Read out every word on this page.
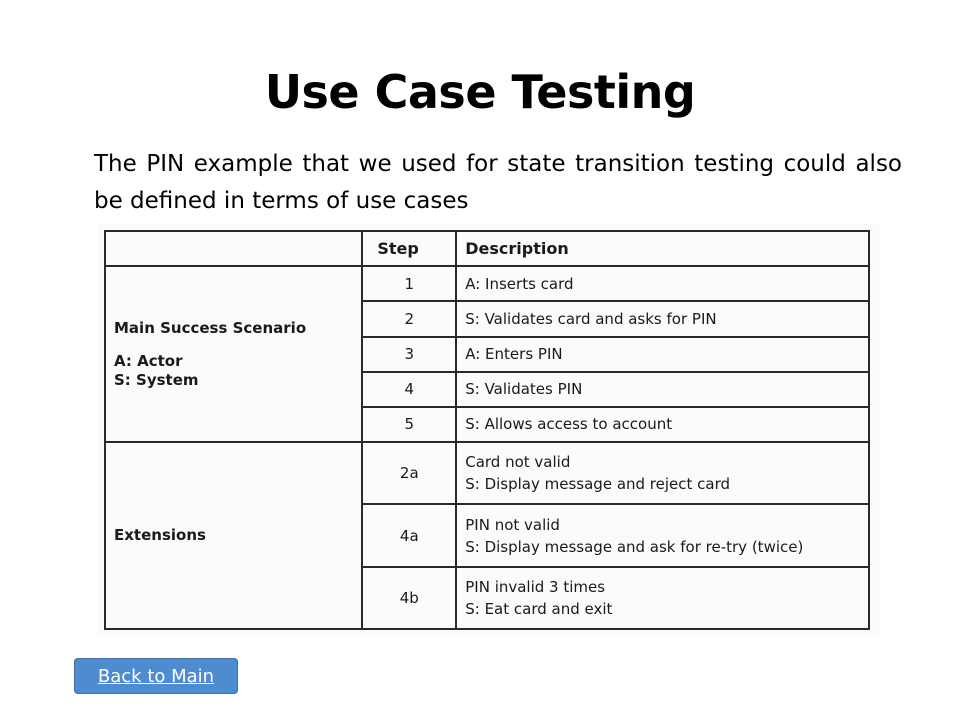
Use Case Testing

The PIN example that we used for state transition testing could also be defined in terms of use cases

	Step	Description

Main Success Scenario
A: Actor
S: System	1	A: Inserts card
	2	S: Validates card and asks for PIN
	3	A: Enters PIN
	4	S: Validates PIN
	5	S: Allows access to account

Extensions	2a	Card not valid
S: Display message and reject card

	4a	PIN not valid
S: Display message and ask for re-try (twice)

	4b	PIN invalid 3 times
S: Eat card and exit
Back to Main
